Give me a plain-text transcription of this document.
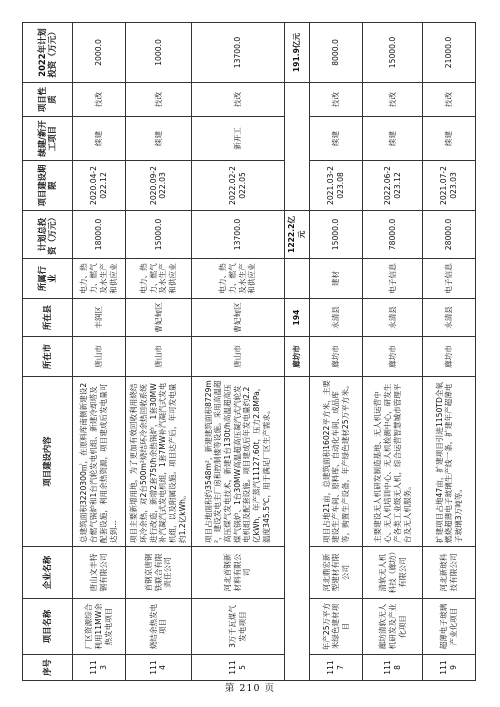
序号	项目名称	企业名称	项目建设内容	所在市	所在县	所属行业	计划总投资（万元）	项目建设期限	续建/新开工项目	项目性质	2022年计划投资（万元）
1113	厂区资源综合利用11MW余热发电项目	唐山文丰特钢有限公司	总建筑面积3220300㎡，在原料库南侧新建设2台燃气锅炉和1台汽轮发电机组、新建冷却塔及配套设施，利用余热资源，项目建成后发电量可达到...	唐山市	丰润区	电力、热力、燃气及水生产和供应业	18000.0	2020.04-2022.12	续建	技改	2000.0
1114	烧结余热发电项目	首钢京唐钢铁联合有限责任公司	项目主要新增用地，为了更加有效回收利用烧结环冷余热，对2台500m²烧结环冷余热回收系统进行改造，新增2套75t/h余热锅炉，1套30MW补汽凝汽式发电机组，1套7MW补汽凝汽式发电机组，以及附属设施。项目达产后，年可发电量约1.2亿kWh。	唐山市	曹妃甸区	电力、热力、燃气及水生产和供应业	15000.0	2020.09-2022.03	续建	技改	1000.0
1115	3万千瓦煤气发电项目	河北首钢新材料有限公司	项目占地面积约3548m²，新建建筑面积8729m²，建设发电主厂房和控制楼等设施。采用高温超高压煤气发电技术，新建1台130t/h高温超高压煤气锅炉、1台30MW高温超高压凝汽式汽轮发电机组及配套设施。项目建成后年发电量约2.2亿kWh，年产蒸汽11127.60t，压力2.8MPa，温度345.5℃，用于满足厂区生产需求。	唐山市	曹妃甸区	电力、热力、燃气及水生产和供应业	13700.0	2022.02-2022.05	新开工	技改	13700.0
				廊坊市	194		1222.2亿元				191.9亿元
1117	年产25万平方米绿色建材项目	河北鼎宏新型建材有限公司	项目占地21亩，总建筑面积16022平方米，主要建设生产车间、原料库、自动化车间、成品库等，购置生产设备，年产绿色建材25万平方米。	廊坊市	永清县	建材	15000.0	2021.03-2023.08	续建	技改	8000.0
1118	廊坊清软无人机研发及产业化项目	清软无人机科技（廊坊）有限公司	主要建设无人机研发制造基地、无人机运营中心、无人机培训中心、无人机检测中心，研发生产各类工业级无人机，综合运营智慧城市管理平台及无人机服务。	廊坊市	永清县	电子信息	78000.0	2022.06-2023.12	续建	技改	15000.0
1119	超薄电子玻璃产业化项目	河北新玻科技有限公司	扩建项目占地47亩，扩建项目引进1150TD全氧燃烧超薄电子玻璃生产线一条，扩建年产超薄电子玻璃3万吨等。	廊坊市	永清县	电子信息	28000.0	2021.07-2023.03	续建	技改	21000.0
第 210 页
